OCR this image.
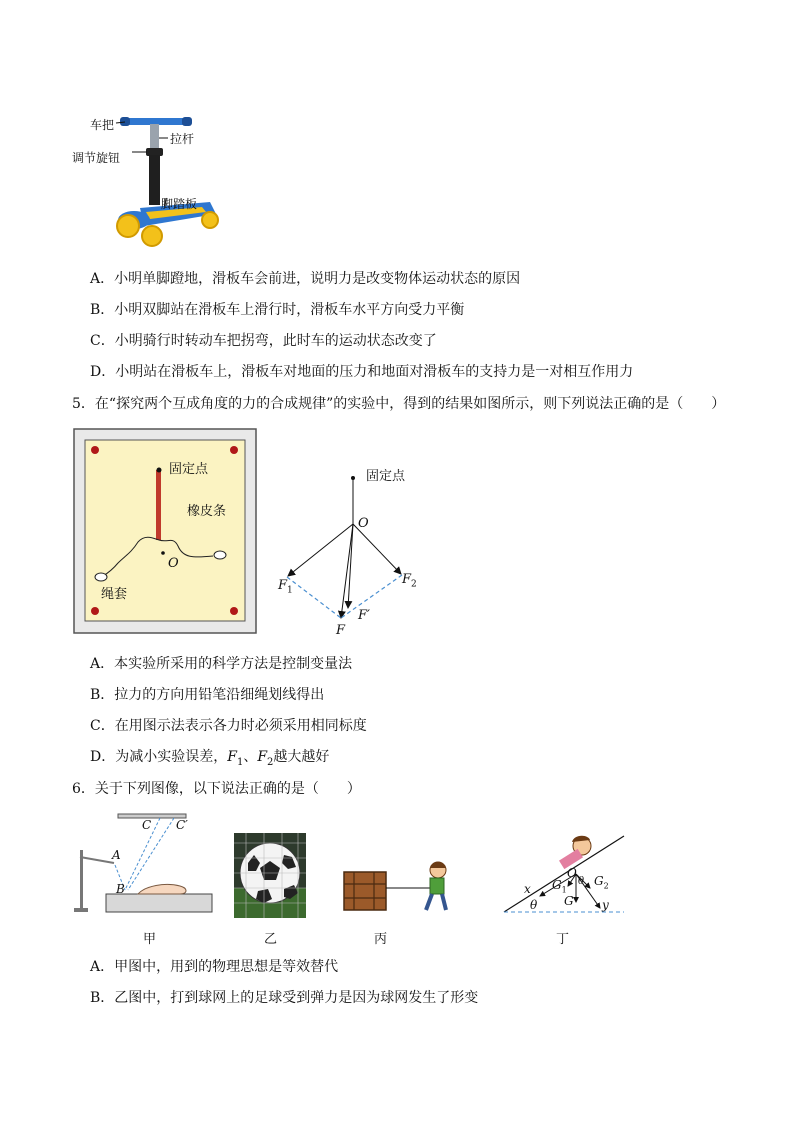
车把
拉杆
调节旋钮
脚踏板
A．小明单脚蹬地，滑板车会前进，说明力是改变物体运动状态的原因
B．小明双脚站在滑板车上滑行时，滑板车水平方向受力平衡
C．小明骑行时转动车把拐弯，此时车的运动状态改变了
D．小明站在滑板车上，滑板车对地面的压力和地面对滑板车的支持力是一对相互作用力
5．在“探究两个互成角度的力的合成规律”的实验中，得到的结果如图所示，则下列说法正确的是（　　）
固定点
橡皮条
O
绳套
固定点
O
$F_1$
$F_2$
F
F′
A．本实验所采用的科学方法是控制变量法
B．拉力的方向用铅笔沿细绳划线得出
C．在用图示法表示各力时必须采用相同标度
D．为减小实验误差，$F_1$、$F_2$越大越好
6．关于下列图像，以下说法正确的是（　　）
C C′
A
B	x $G_1$
O
θ $G_2$
G y
θ
甲	乙	丙	丁
A．甲图中，用到的物理思想是等效替代
B．乙图中，打到球网上的足球受到弹力是因为球网发生了形变
